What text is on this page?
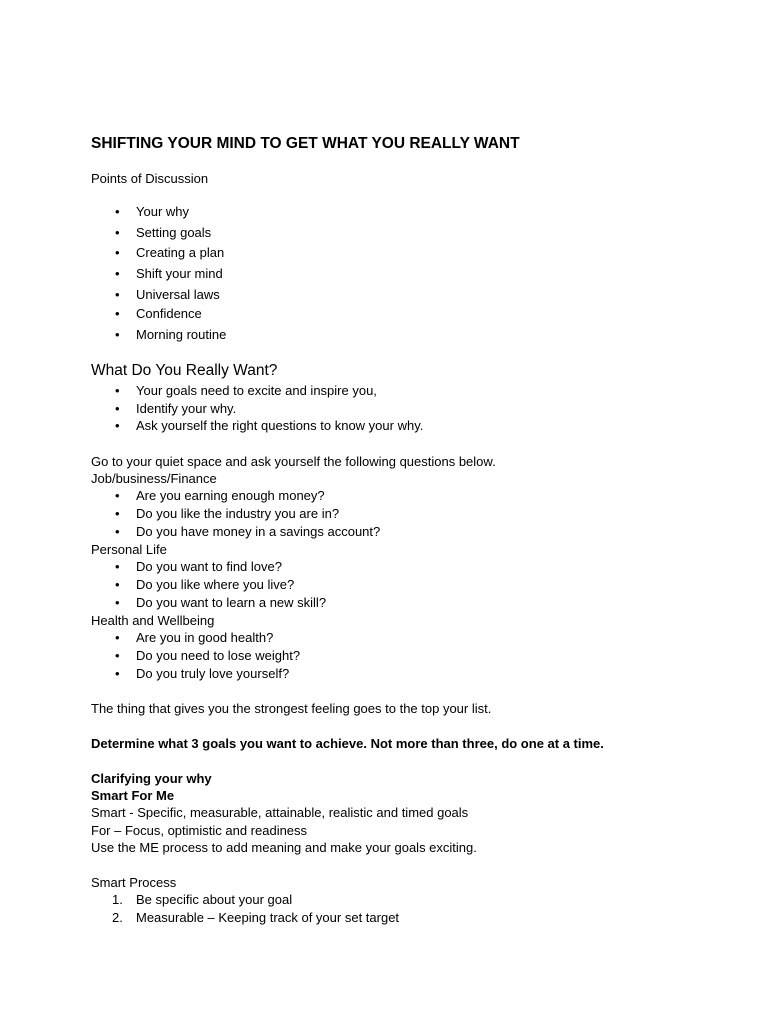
SHIFTING YOUR MIND TO GET WHAT YOU REALLY WANT
Points of Discussion
•	Your why
•	Setting goals
•	Creating a plan
•	Shift your mind
•	Universal laws
•	Confidence
•	Morning routine
What Do You Really Want?
•	Your goals need to excite and inspire you,
•	Identify your why.
•	Ask yourself the right questions to know your why.
Go to your quiet space and ask yourself the following questions below.
Job/business/Finance
•	Are you earning enough money?
•	Do you like the industry you are in?
•	Do you have money in a savings account?
Personal Life
•	Do you want to find love?
•	Do you like where you live?
•	Do you want to learn a new skill?
Health and Wellbeing
•	Are you in good health?
•	Do you need to lose weight?
•	Do you truly love yourself?
The thing that gives you the strongest feeling goes to the top your list.
Determine what 3 goals you want to achieve. Not more than three, do one at a time.
Clarifying your why
Smart For Me
Smart - Specific, measurable, attainable, realistic and timed goals
For – Focus, optimistic and readiness
Use the ME process to add meaning and make your goals exciting.
Smart Process
1. Be specific about your goal
2. Measurable – Keeping track of your set target
